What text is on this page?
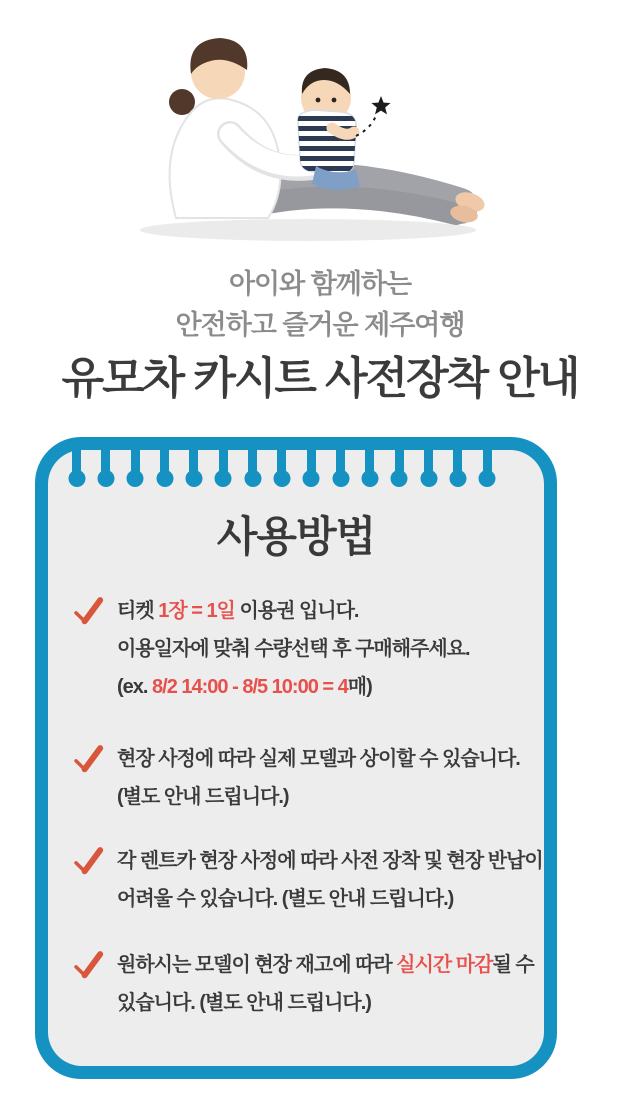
아이와 함께하는
안전하고 즐거운 제주여행
유모차 카시트 사전장착 안내
사용방법
티켓 1장 = 1일 이용권 입니다.
이용일자에 맞춰 수량선택 후 구매해주세요.
(ex. 8/2 14:00 - 8/5 10:00 = 4매)
현장 사정에 따라 실제 모델과 상이할 수 있습니다.
(별도 안내 드립니다.)
각 렌트카 현장 사정에 따라 사전 장착 및 현장 반납이
어려울 수 있습니다. (별도 안내 드립니다.)
원하시는 모델이 현장 재고에 따라 실시간 마감될 수
있습니다. (별도 안내 드립니다.)
